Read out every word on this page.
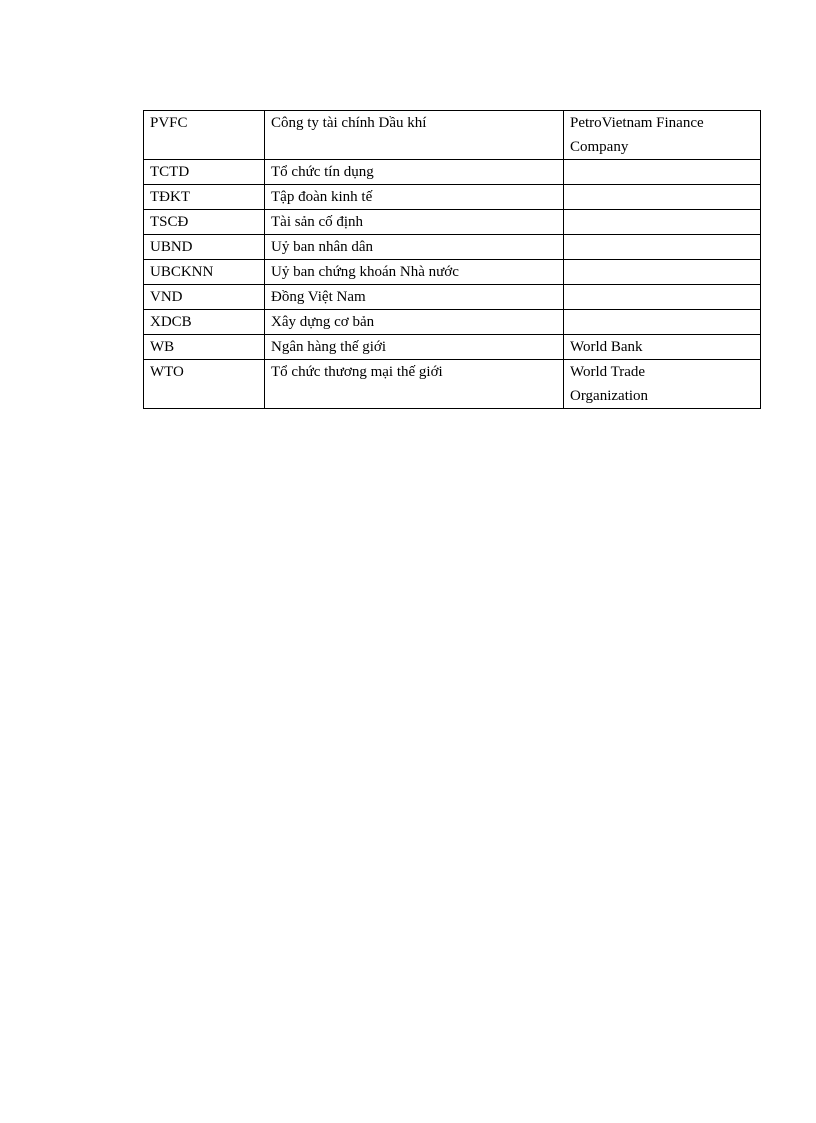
PVFC	Công ty tài chính Dầu khí	PetroVietnam Finance
Company
TCTD	Tổ chức tín dụng	
TĐKT	Tập đoàn kinh tế	
TSCĐ	Tài sản cố định	
UBND	Uỷ ban nhân dân	
UBCKNN	Uỷ ban chứng khoán Nhà nước	
VND	Đồng Việt Nam	
XDCB	Xây dựng cơ bản	
WB	Ngân hàng thế giới	World Bank
WTO	Tổ chức thương mại thế giới	World Trade
Organization
